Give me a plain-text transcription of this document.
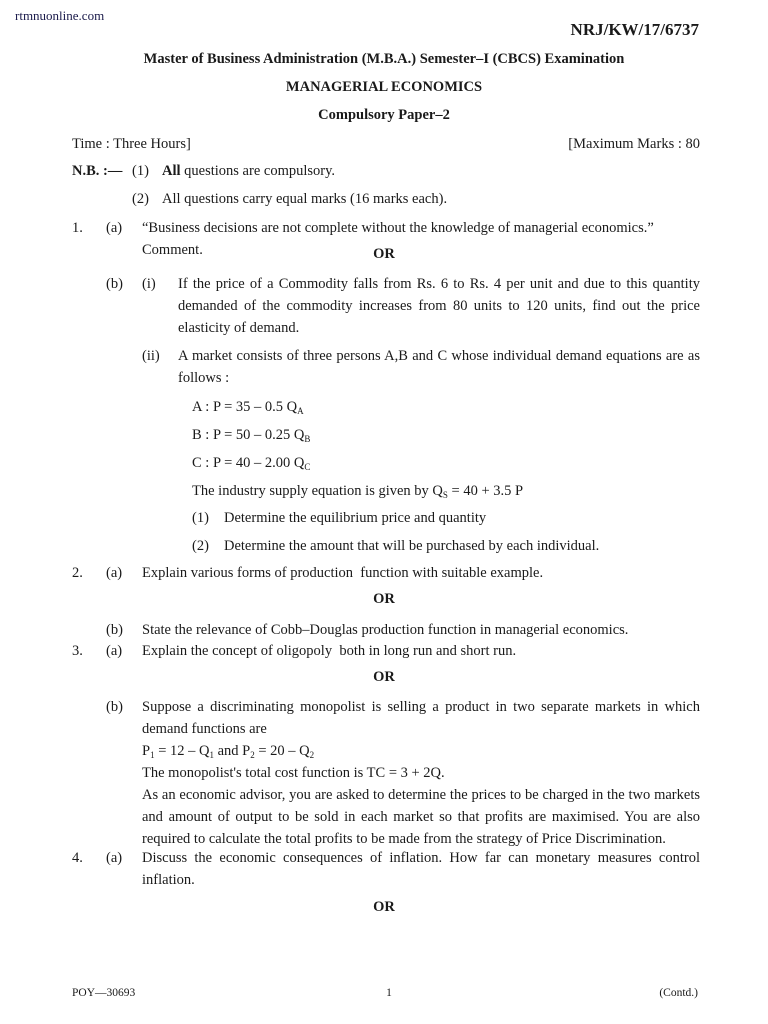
rtmnuonline.com
NRJ/KW/17/6737
Master of Business Administration (M.B.A.) Semester–I (CBCS) Examination
MANAGERIAL ECONOMICS
Compulsory Paper–2
Time : Three Hours]	[Maximum Marks : 80
N.B. :— (1) All questions are compulsory.
(2) All questions carry equal marks (16 marks each).
1. (a) “Business decisions are not complete without the knowledge of managerial economics.” Comment.	OR
(b) (i) If the price of a Commodity falls from Rs. 6 to Rs. 4 per unit and due to this quantity demanded of the commodity increases from 80 units to 120 units, find out the price elasticity of demand.
(ii) A market consists of three persons A,B and C whose individual demand equations are as follows :
A : P = 35 – 0.5 $Q_A$
B : P = 50 – 0.25 $Q_B$
C : P = 40 – 2.00 $Q_C$
The industry supply equation is given by $Q_S = 40 + 3.5$ P
(1) Determine the equilibrium price and quantity
(2) Determine the amount that will be purchased by each individual.
2. (a) Explain various forms of production  function with suitable example.
OR
(b) State the relevance of Cobb–Douglas production function in managerial economics.
3. (a) Explain the concept of oligopoly  both in long run and short run.
OR
(b) Suppose a discriminating monopolist is selling a product in two separate markets in which demand functions are
$P_1 = 12 - Q_1$ and $P_2 = 20 - Q_2$
The monopolist's total cost function is TC = 3 + 2Q.
As an economic advisor, you are asked to determine the prices to be charged in the two markets and amount of output to be sold in each market so that profits are maximised. You are also required to calculate the total profits to be made from the strategy of Price Discrimination.
4. (a) Discuss the economic consequences of inflation. How far can monetary measures control inflation.
OR
POY—30693	1	(Contd.)
